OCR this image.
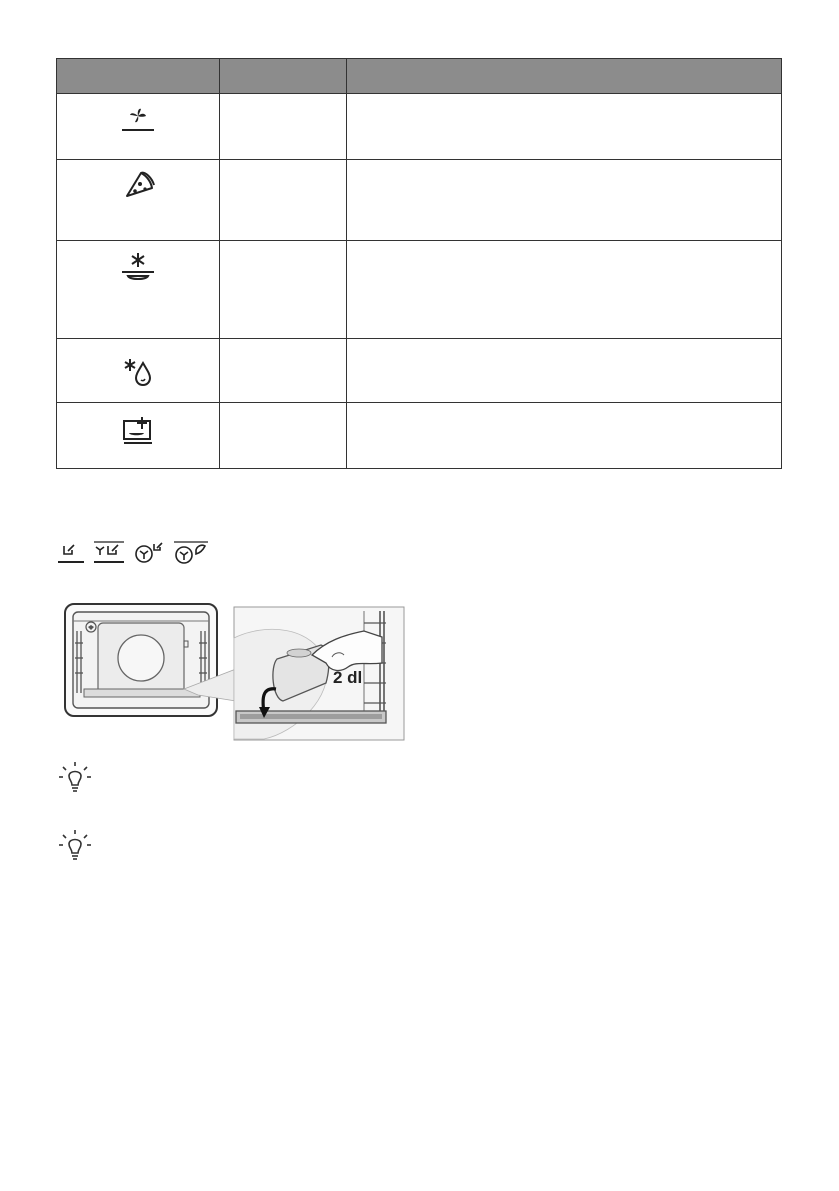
2 dl
